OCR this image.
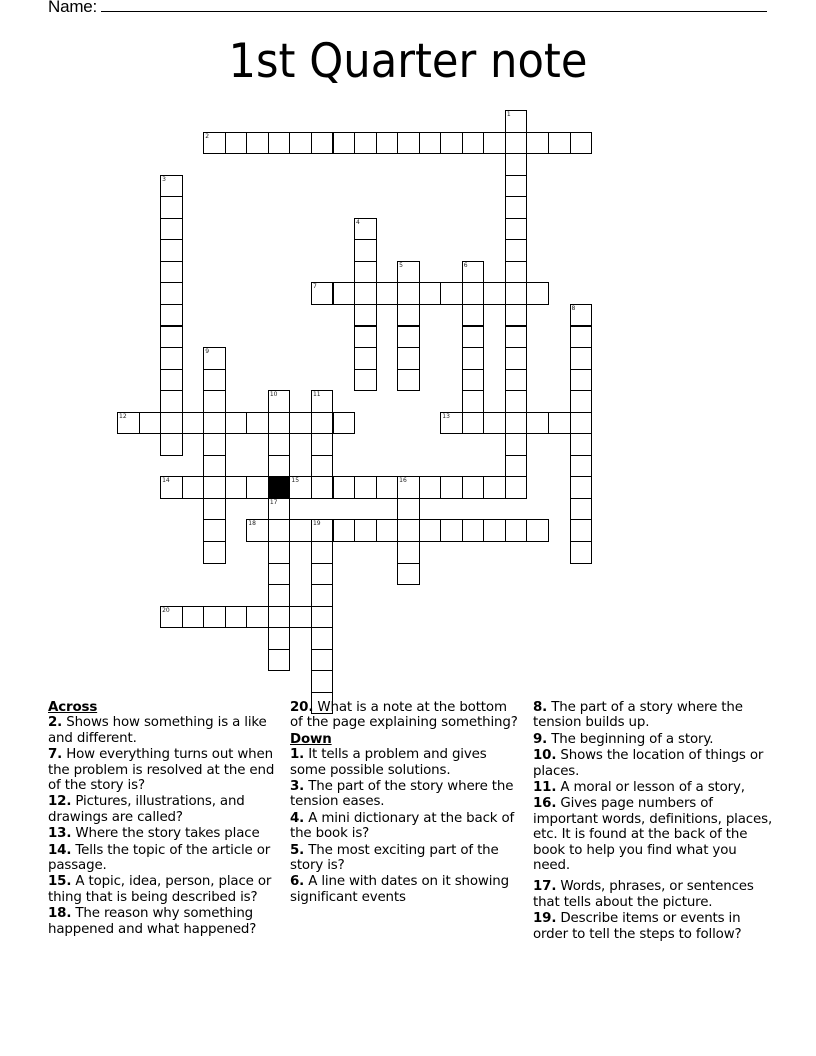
Name:
1st Quarter note
1
2
3
4
5	6
7
8
9
10	11
12	13
14	15	16
17
18	19
20
Across
2. Shows how something is a like and different.
7. How everything turns out when the problem is resolved at the end of the story is?
12. Pictures, illustrations, and drawings are called?
13. Where the story takes place
14. Tells the topic of the article or passage.
15. A topic, idea, person, place or thing that is being described is?
18. The reason why something happened and what happened?
20. What is a note at the bottom of the page explaining something?
Down
1. It tells a problem and gives some possible solutions.
3. The part of the story where the tension eases.
4. A mini dictionary at the back of the book is?
5. The most exciting part of the story is?
6. A line with dates on it showing significant events
8. The part of a story where the tension builds up.
9. The beginning of a story.
10. Shows the location of things or places.
11. A moral or lesson of a story,
16. Gives page numbers of important words, definitions, places, etc. It is found at the back of the book to help you find what you need.
17. Words, phrases, or sentences that tells about the picture.
19. Describe items or events in order to tell the steps to follow?
